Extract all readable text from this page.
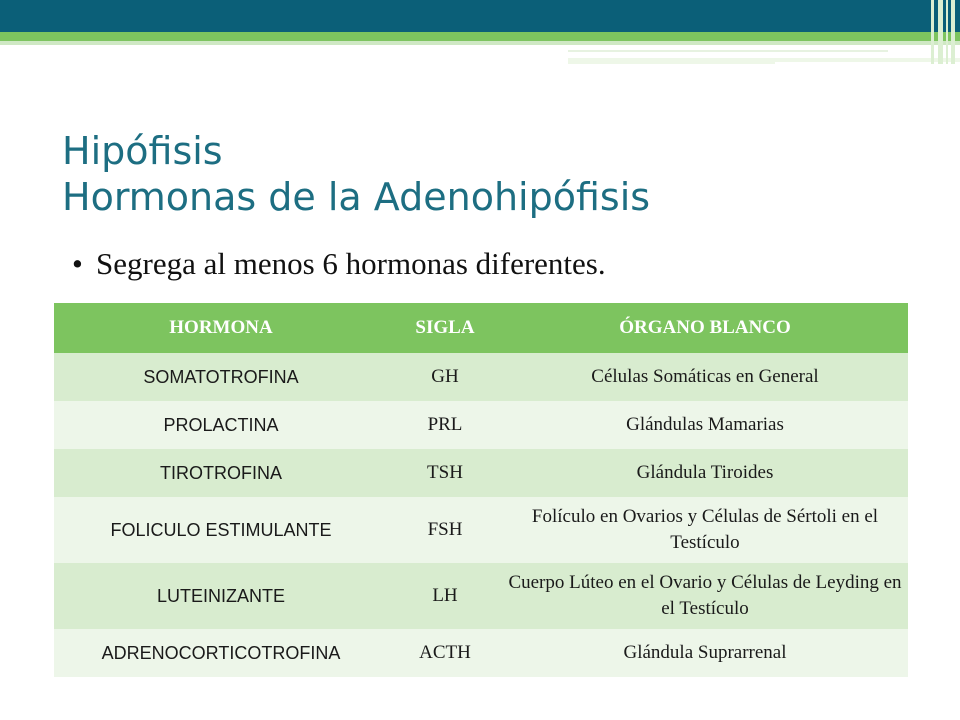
Hipófisis
Hormonas de la Adenohipófisis
• Segrega al menos 6 hormonas diferentes.
HORMONA	SIGLA	ÓRGANO BLANCO
SOMATOTROFINA	GH	Células Somáticas en General
PROLACTINA	PRL	Glándulas Mamarias
TIROTROFINA	TSH	Glándula Tiroides
FOLICULO ESTIMULANTE	FSH	Folículo en Ovarios y Células de Sértoli en el Testículo
LUTEINIZANTE	LH	Cuerpo Lúteo en el Ovario y Células de Leyding en el Testículo
ADRENOCORTICOTROFINA	ACTH	Glándula Suprarrenal
